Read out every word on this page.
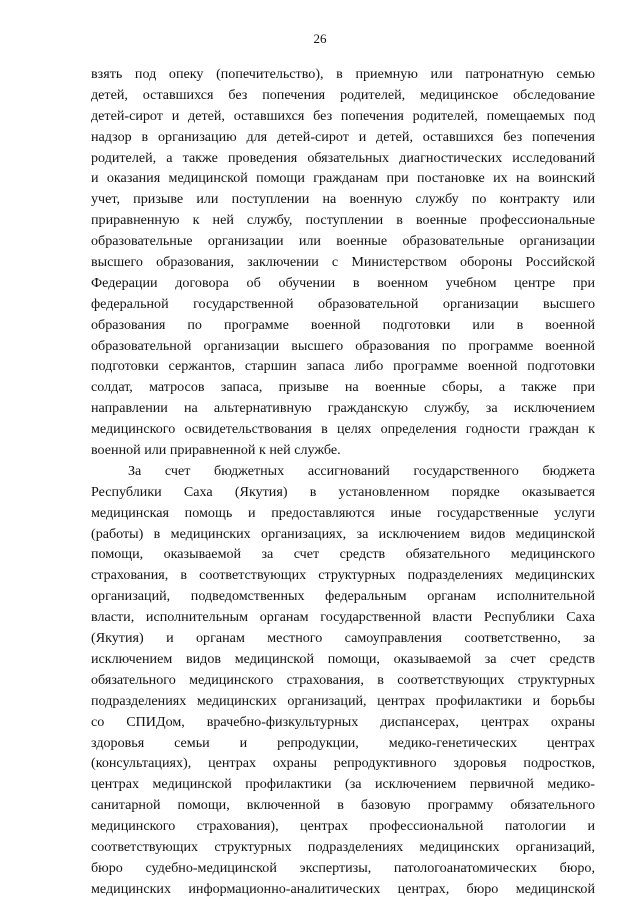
26
взять под опеку (попечительство), в приемную или патронатную семью
детей, оставшихся без попечения родителей, медицинское обследование
детей-сирот и детей, оставшихся без попечения родителей, помещаемых под
надзор в организацию для детей-сирот и детей, оставшихся без попечения
родителей, а также проведения обязательных диагностических исследований
и оказания медицинской помощи гражданам при постановке их на воинский
учет, призыве или поступлении на военную службу по контракту или
приравненную к ней службу, поступлении в военные профессиональные
образовательные организации или военные образовательные организации
высшего образования, заключении с Министерством обороны Российской
Федерации договора об обучении в военном учебном центре при
федеральной государственной образовательной организации высшего
образования по программе военной подготовки или в военной
образовательной организации высшего образования по программе военной
подготовки сержантов, старшин запаса либо программе военной подготовки
солдат, матросов запаса, призыве на военные сборы, а также при
направлении на альтернативную гражданскую службу, за исключением
медицинского освидетельствования в целях определения годности граждан к
военной или приравненной к ней службе.
За счет бюджетных ассигнований государственного бюджета
Республики Саха (Якутия) в установленном порядке оказывается
медицинская помощь и предоставляются иные государственные услуги
(работы) в медицинских организациях, за исключением видов медицинской
помощи, оказываемой за счет средств обязательного медицинского
страхования, в соответствующих структурных подразделениях медицинских
организаций, подведомственных федеральным органам исполнительной
власти, исполнительным органам государственной власти Республики Саха
(Якутия) и органам местного самоуправления соответственно, за
исключением видов медицинской помощи, оказываемой за счет средств
обязательного медицинского страхования, в соответствующих структурных
подразделениях медицинских организаций, центрах профилактики и борьбы
со СПИДом, врачебно-физкультурных диспансерах, центрах охраны
здоровья семьи и репродукции, медико-генетических центрах
(консультациях), центрах охраны репродуктивного здоровья подростков,
центрах медицинской профилактики (за исключением первичной медико-
санитарной помощи, включенной в базовую программу обязательного
медицинского страхования), центрах профессиональной патологии и
соответствующих структурных подразделениях медицинских организаций,
бюро судебно-медицинской экспертизы, патологоанатомических бюро,
медицинских информационно-аналитических центрах, бюро медицинской
